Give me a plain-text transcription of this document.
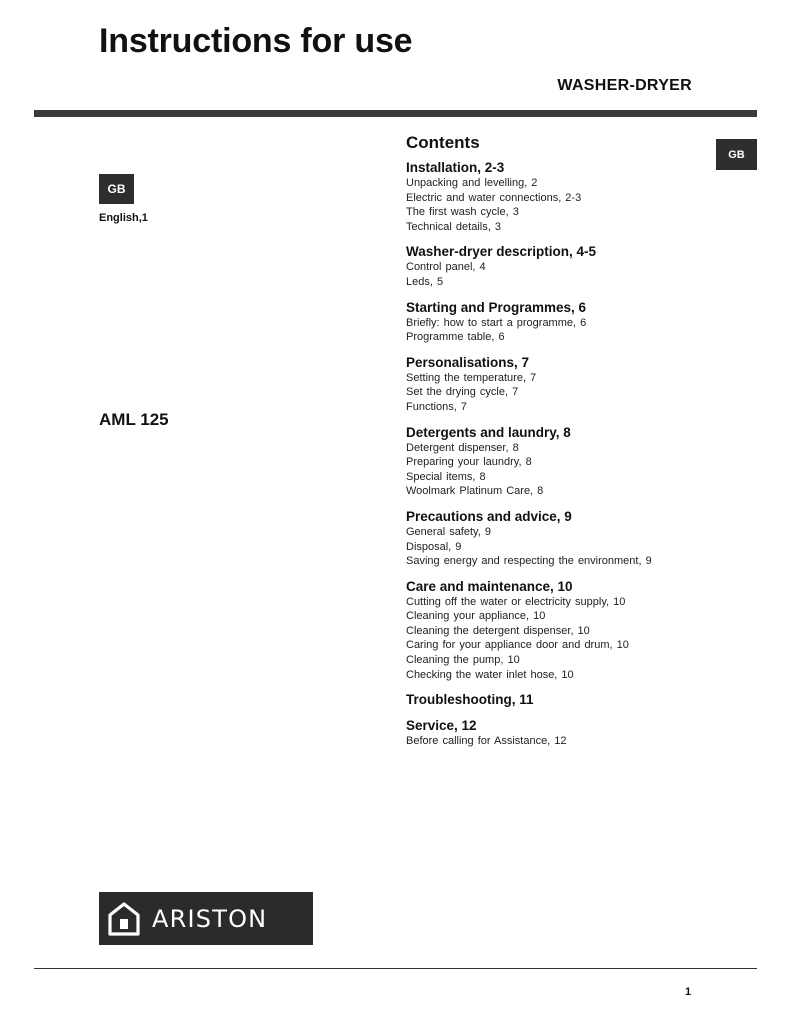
Instructions for use
WASHER-DRYER
GB
GB
English,1
AML 125
Contents
Installation, 2-3
Unpacking and levelling, 2
Electric and water connections, 2-3
The first wash cycle, 3
Technical details, 3
Washer-dryer description, 4-5
Control panel, 4
Leds, 5
Starting and Programmes, 6
Briefly: how to start a programme, 6
Programme table, 6
Personalisations, 7
Setting the temperature, 7
Set the drying cycle, 7
Functions, 7
Detergents and laundry, 8
Detergent dispenser, 8
Preparing your laundry, 8
Special items, 8
Woolmark Platinum Care, 8
Precautions and advice, 9
General safety, 9
Disposal, 9
Saving energy and respecting the environment, 9
Care and maintenance, 10
Cutting off the water or electricity supply, 10
Cleaning your appliance, 10
Cleaning the detergent dispenser, 10
Caring for your appliance door and drum, 10
Cleaning the pump, 10
Checking the water inlet hose, 10
Troubleshooting, 11
Service, 12
Before calling for Assistance, 12
ARISTON
1
